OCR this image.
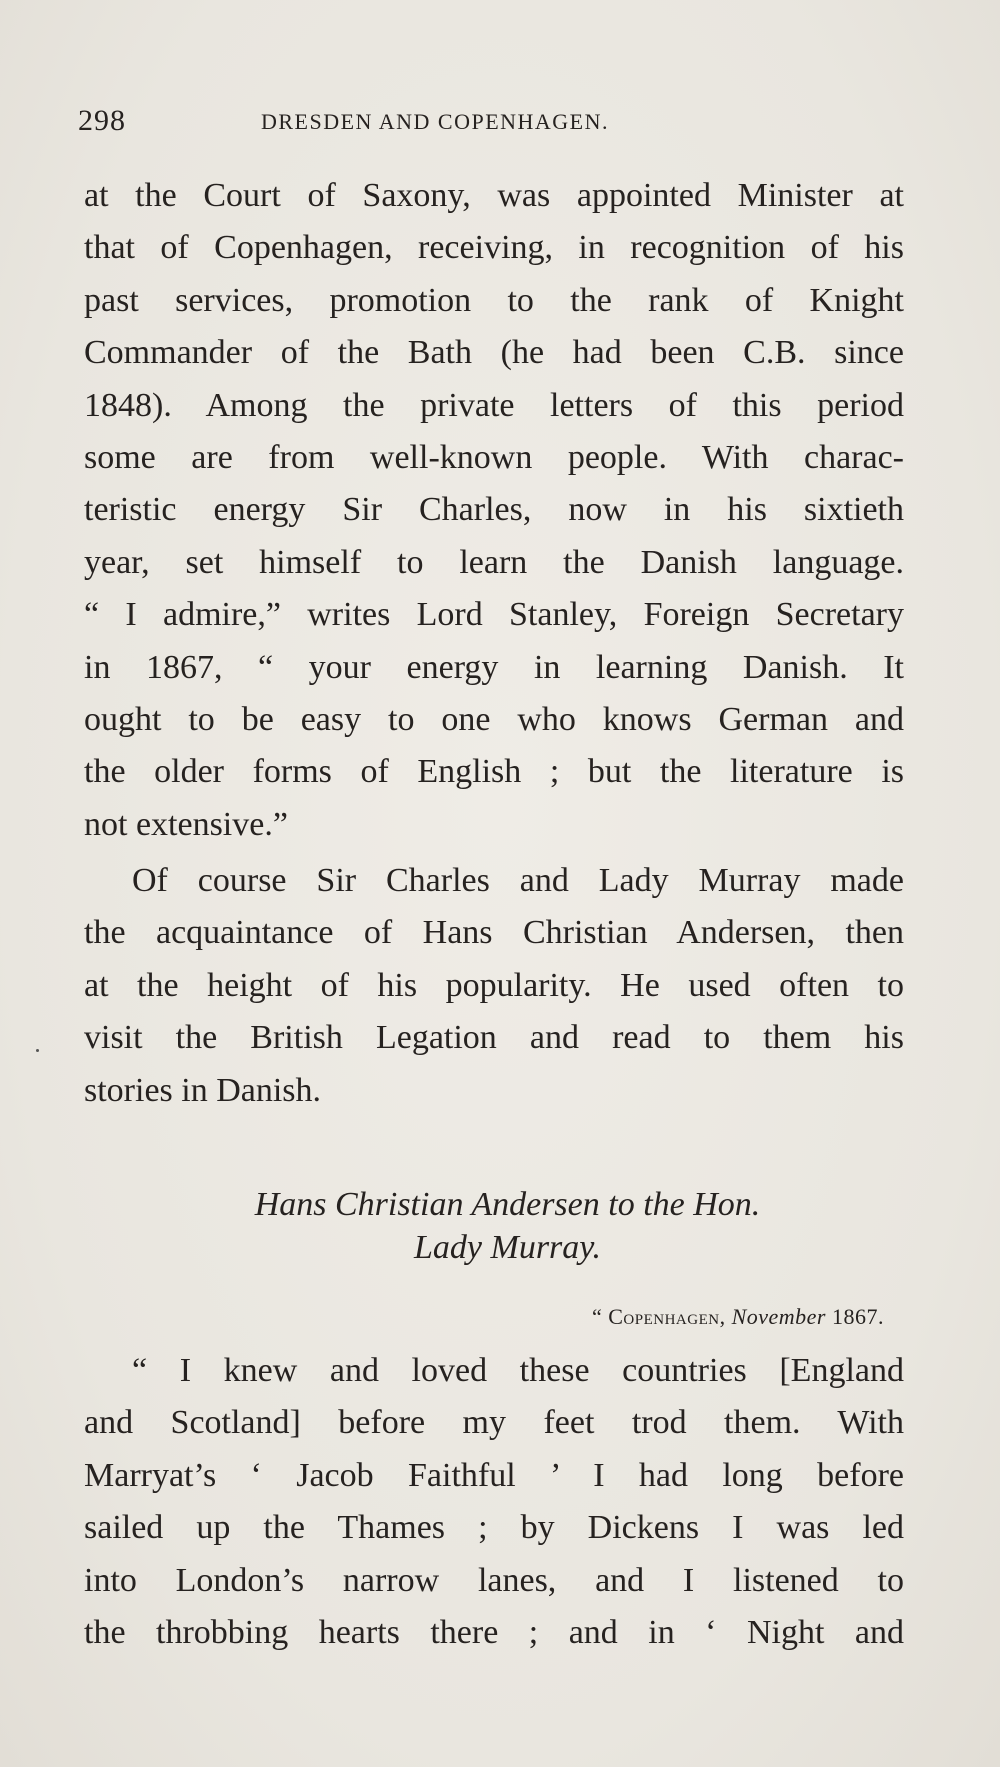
298	DRESDEN AND COPENHAGEN.
at the Court of Saxony, was appointed Minister at
that of Copenhagen, receiving, in recognition of his
past services, promotion to the rank of Knight
Commander of the Bath (he had been C.B. since
1848). Among the private letters of this period
some are from well-known people. With charac-
teristic energy Sir Charles, now in his sixtieth
year, set himself to learn the Danish language.
“ I admire,” writes Lord Stanley, Foreign Secretary
in 1867, “ your energy in learning Danish. It
ought to be easy to one who knows German and
the older forms of English ; but the literature is
not extensive.”
Of course Sir Charles and Lady Murray made
the acquaintance of Hans Christian Andersen, then
at the height of his popularity. He used often to
visit the British Legation and read to them his
stories in Danish.
Hans Christian Andersen to the Hon.
Lady Murray.
“ Copenhagen, November 1867.
“ I knew and loved these countries [England
and Scotland] before my feet trod them. With
Marryat’s ‘ Jacob Faithful ’ I had long before
sailed up the Thames ; by Dickens I was led
into London’s narrow lanes, and I listened to
the throbbing hearts there ; and in ‘ Night and
